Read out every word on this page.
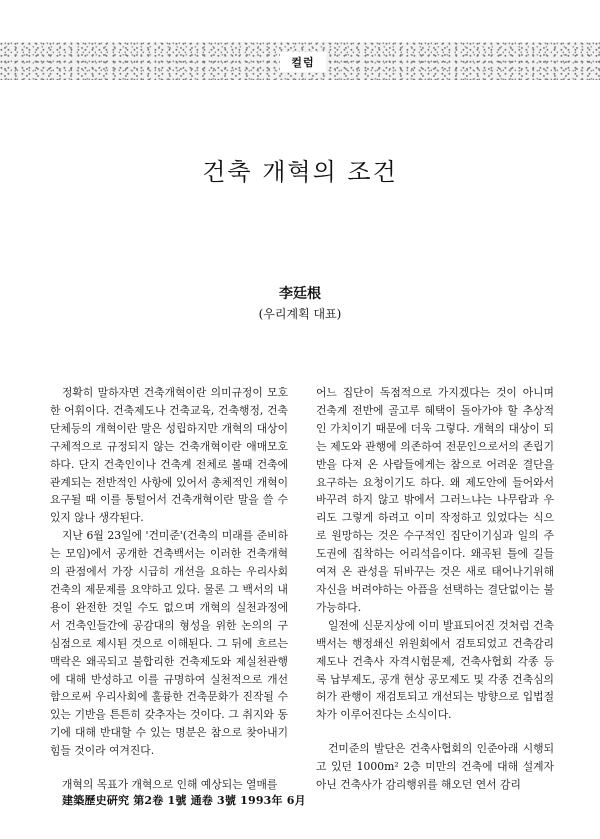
컬럼
건축 개혁의 조건
李廷根
(우리계획 대표)

정확히 말하자면 건축개혁이란 의미규정이 모호한 어휘이다. 건축제도나 건축교육, 건축행정, 건축단체등의 개혁이란 말은 성립하지만 개혁의 대상이 구체적으로 규정되지 않는 건축개혁이란 애매모호하다. 단지 건축인이나 건축계 전체로 볼때 건축에 관계되는 전반적인 사항에 있어서 총체적인 개혁이 요구될 때 이를 통털어서 건축개혁이란 말을 쓸 수 있지 않나 생각된다.

지난 6월 23일에 '건미준'(건축의 미래를 준비하는 모임)에서 공개한 건축백서는 이러한 건축개혁의 관점에서 가장 시급히 개선을 요하는 우리사회 건축의 제문제를 요약하고 있다. 물론 그 백서의 내용이 완전한 것일 수도 없으며 개혁의 실천과정에서 건축인들간에 공감대의 형성을 위한 논의의 구심점으로 제시된 것으로 이해된다. 그 뒤에 흐르는 맥락은 왜곡되고 불합리한 건축제도와 제실천관행에 대해 반성하고 이를 규명하여 실천적으로 개선함으로써 우리사회에 훌륭한 건축문화가 진작될 수 있는 기반을 튼튼히 갖추자는 것이다. 그 취지와 동기에 대해 반대할 수 있는 명분은 참으로 찾아내기 힘들 것이라 여겨진다.

개혁의 목표가 개혁으로 인해 예상되는 열매를

어느 집단이 독점적으로 가지겠다는 것이 아니며 건축계 전반에 골고루 혜택이 돌아가야 할 추상적인 가치이기 때문에 더욱 그렇다. 개혁의 대상이 되는 제도와 관행에 의존하여 전문인으로서의 존립기반을 다져 온 사람들에게는 참으로 어려운 결단을 요구하는 요청이기도 하다. 왜 제도안에 들어와서 바꾸려 하지 않고 밖에서 그러느냐는 나무람과 우리도 그렇게 하려고 이미 작정하고 있었다는 식으로 원망하는 것은 수구적인 집단이기심과 일의 주도권에 집착하는 어리석음이다. 왜곡된 틀에 길들여져 온 관성을 뒤바꾸는 것은 새로 태어나기위해 자신을 버려야하는 아픔을 선택하는 결단없이는 불가능하다.

일전에 신문지상에 이미 발표되어진 것처럼 건축백서는 행정쇄신 위원회에서 검토되었고 건축감리제도나 건축사 자격시험문제, 건축사협회 각종 등록 납부제도, 공개 현상 공모제도 및 각종 건축심의 허가 관행이 재검토되고 개선되는 방향으로 입법절차가 이루어진다는 소식이다.

건미준의 발단은 건축사협회의 인준아래 시행되고 있던 1000m² 2층 미만의 건축에 대해 설계자 아닌 건축사가 감리행위를 해오던 연서 감리

建築歷史硏究 第2卷 1號 通卷 3號 1993年 6月
